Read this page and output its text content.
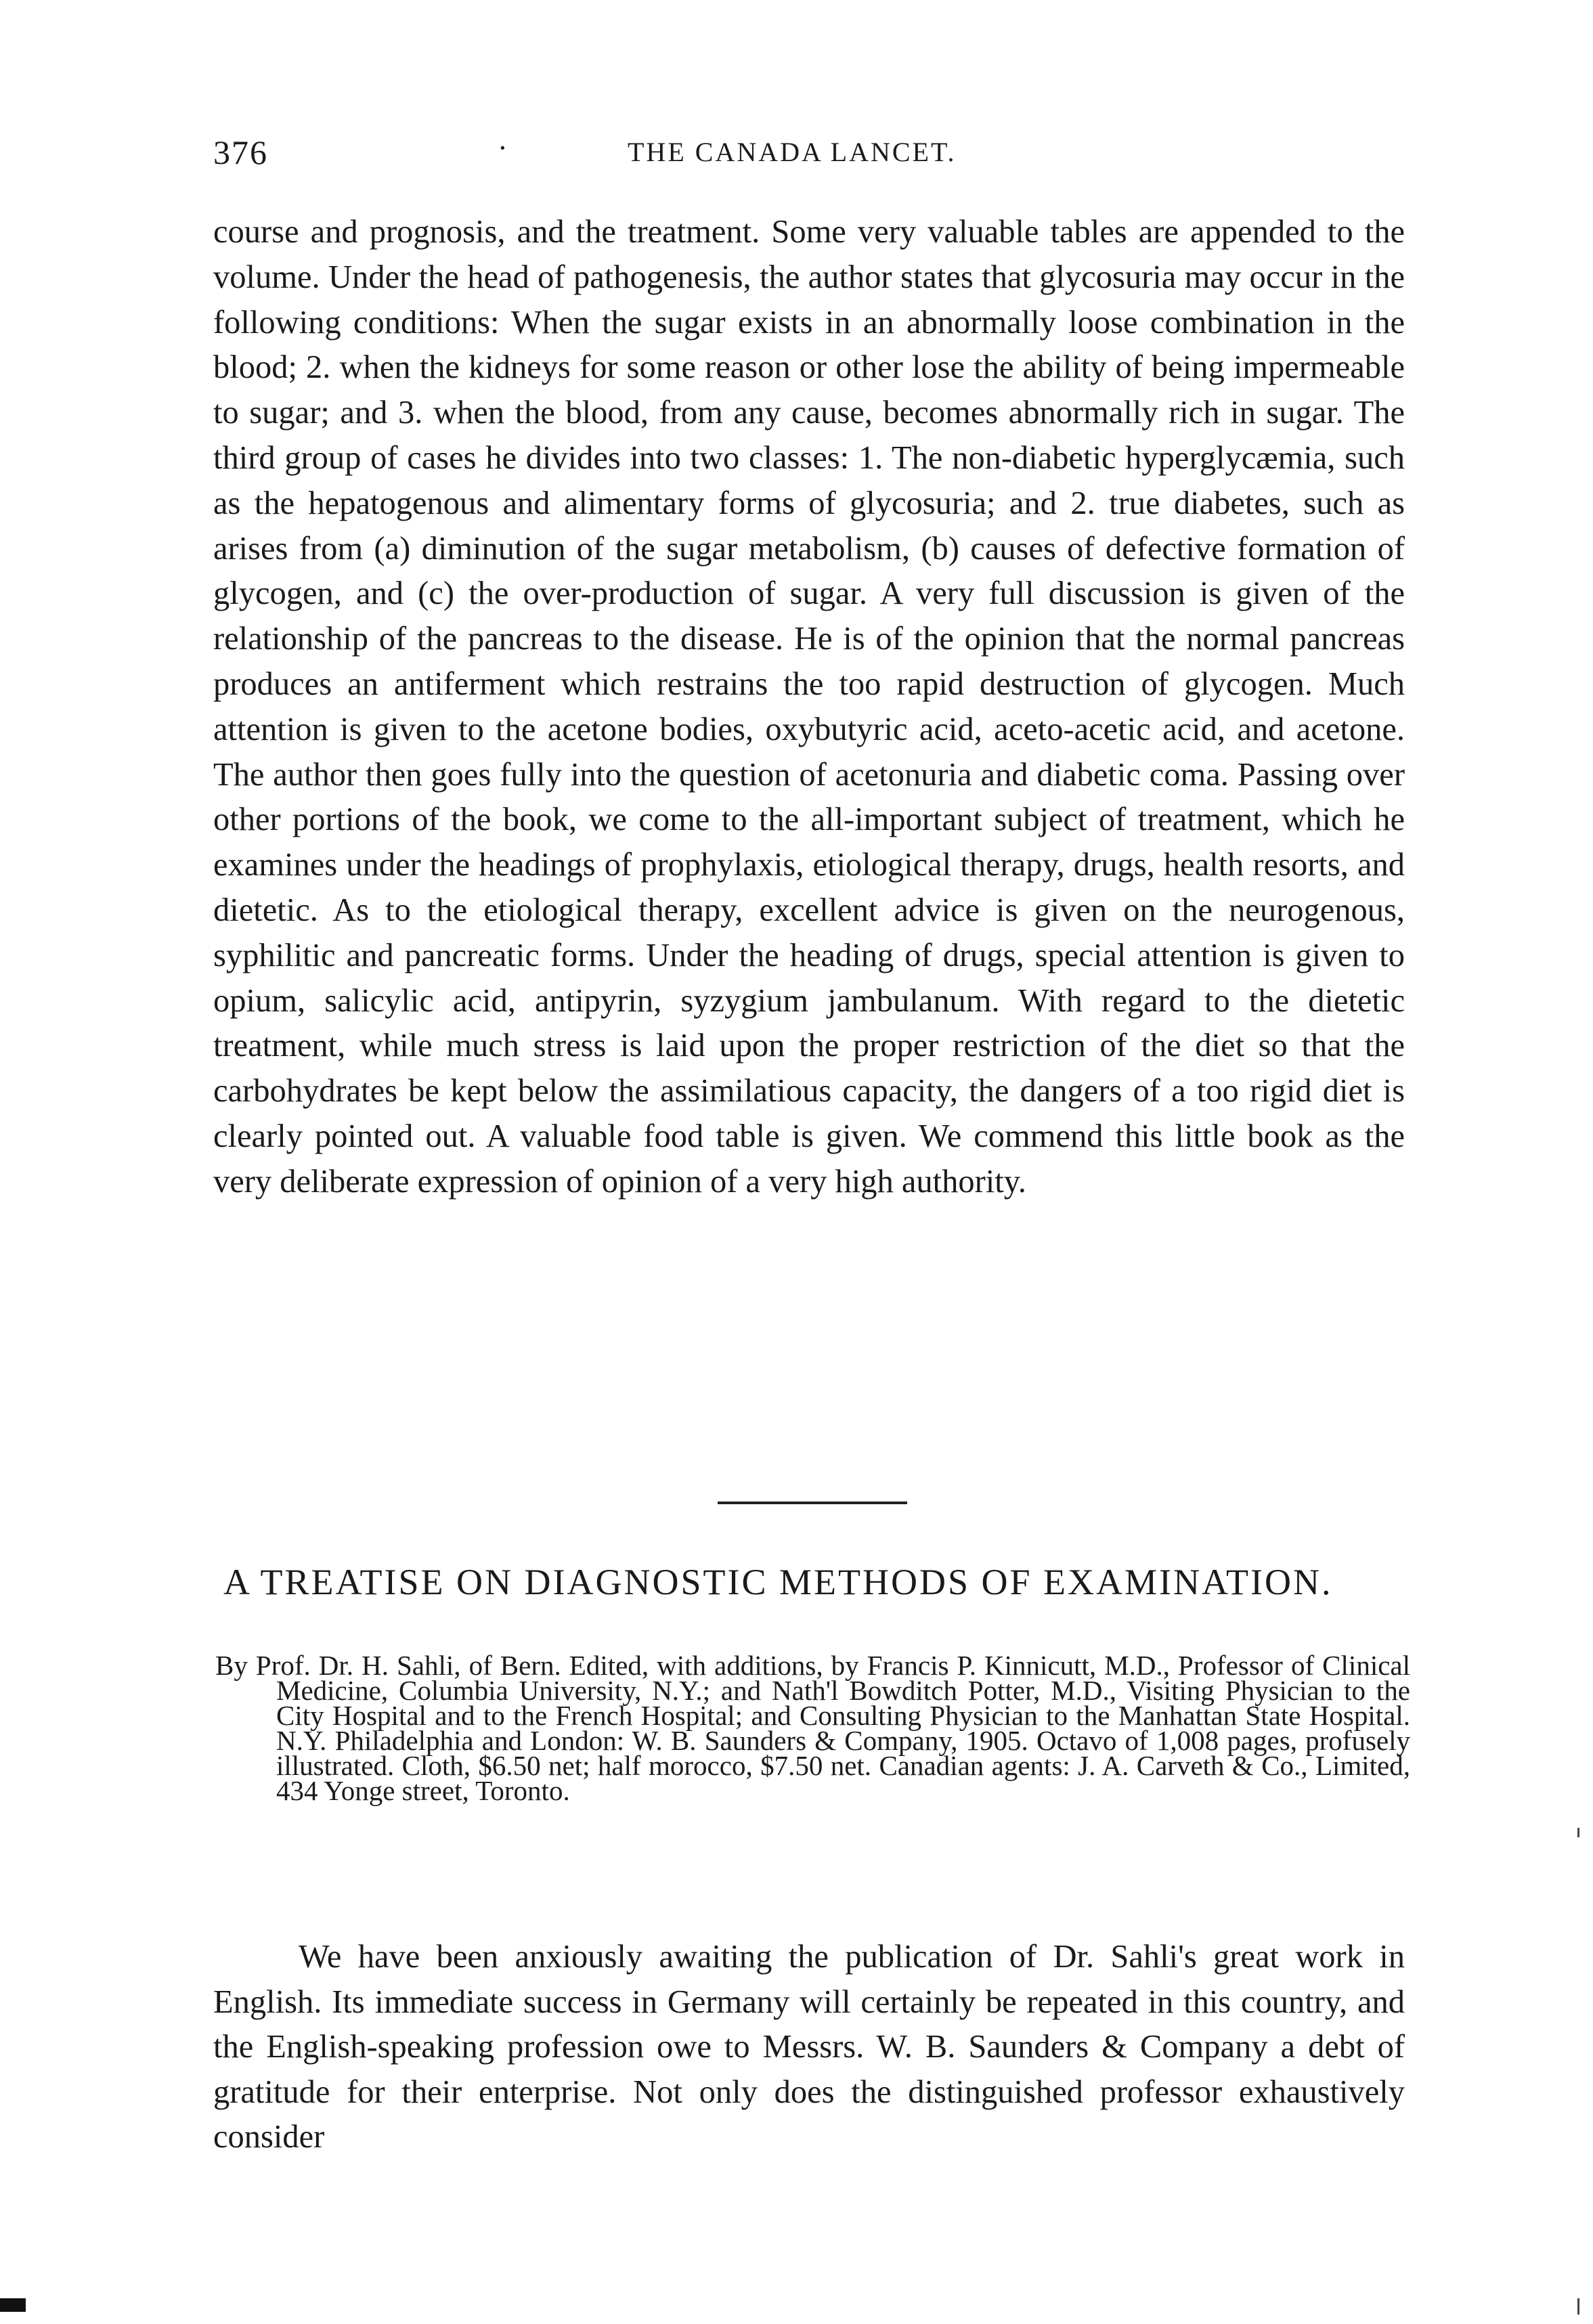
376	·	THE CANADA LANCET.

course and prognosis, and the treatment. Some very valuable tables are appended to the volume. Under the head of pathogenesis, the author states that glycosuria may occur in the following conditions: When the sugar exists in an abnormally loose combination in the blood; 2. when the kidneys for some reason or other lose the ability of being impermeable to sugar; and 3. when the blood, from any cause, becomes abnormally rich in sugar. The third group of cases he divides into two classes: 1. The non-diabetic hyperglycæmia, such as the hepatogenous and alimentary forms of glycosuria; and 2. true diabetes, such as arises from (a) diminution of the sugar metabolism, (b) causes of defective formation of glycogen, and (c) the over-production of sugar. A very full discussion is given of the relationship of the pancreas to the disease. He is of the opinion that the normal pancreas produces an antiferment which restrains the too rapid destruction of glycogen. Much attention is given to the acetone bodies, oxybutyric acid, aceto-acetic acid, and acetone. The author then goes fully into the question of acetonuria and diabetic coma. Passing over other portions of the book, we come to the all-important subject of treatment, which he examines under the headings of prophylaxis, etiological therapy, drugs, health resorts, and dietetic. As to the etiological therapy, excellent advice is given on the neurogenous, syphilitic and pancreatic forms. Under the heading of drugs, special attention is given to opium, salicylic acid, antipyrin, syzygium jambulanum. With regard to the dietetic treatment, while much stress is laid upon the proper restriction of the diet so that the carbohydrates be kept below the assimilatious capacity, the dangers of a too rigid diet is clearly pointed out. A valuable food table is given. We commend this little book as the very deliberate expression of opinion of a very high authority.

A TREATISE ON DIAGNOSTIC METHODS OF EXAMINATION.

By Prof. Dr. H. Sahli, of Bern. Edited, with additions, by Francis P. Kinnicutt, M.D., Professor of Clinical Medicine, Columbia University, N.Y.; and Nath'l Bowditch Potter, M.D., Visiting Physician to the City Hospital and to the French Hospital; and Consulting Physician to the Manhattan State Hospital. N.Y. Philadelphia and London: W. B. Saunders & Company, 1905. Octavo of 1,008 pages, profusely illustrated. Cloth, $6.50 net; half morocco, $7.50 net. Canadian agents: J. A. Carveth & Co., Limited, 434 Yonge street, Toronto.

We have been anxiously awaiting the publication of Dr. Sahli's great work in English. Its immediate success in Germany will certainly be repeated in this country, and the English-speaking profession owe to Messrs. W. B. Saunders & Company a debt of gratitude for their enterprise. Not only does the distinguished professor exhaustively consider
